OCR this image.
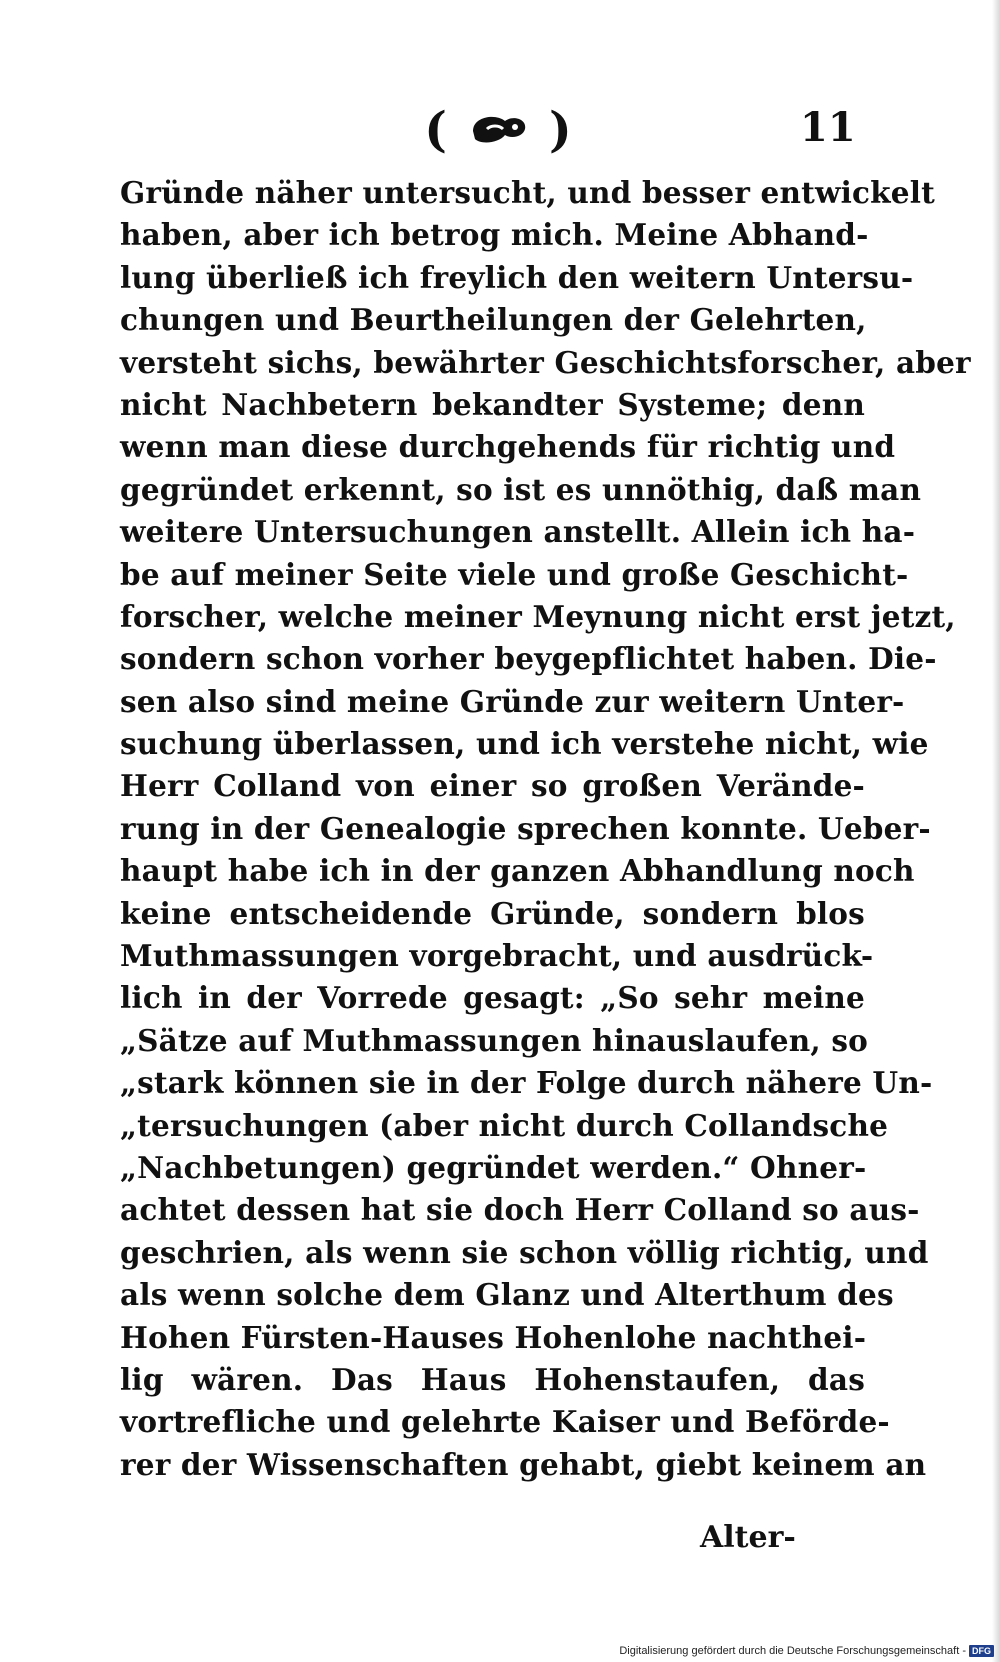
( )	11
Gründe näher untersucht, und besser entwickelt
haben, aber ich betrog mich. Meine Abhand-
lung überließ ich freylich den weitern Untersu-
chungen und Beurtheilungen der Gelehrten,
versteht sichs, bewährter Geschichtsforscher, aber
nicht Nachbetern bekandter Systeme; denn
wenn man diese durchgehends für richtig und
gegründet erkennt, so ist es unnöthig, daß man
weitere Untersuchungen anstellt. Allein ich ha-
be auf meiner Seite viele und große Geschicht-
forscher, welche meiner Meynung nicht erst jetzt,
sondern schon vorher beygepflichtet haben. Die-
sen also sind meine Gründe zur weitern Unter-
suchung überlassen, und ich verstehe nicht, wie
Herr Colland von einer so großen Verände-
rung in der Genealogie sprechen konnte. Ueber-
haupt habe ich in der ganzen Abhandlung noch
keine entscheidende Gründe, sondern blos
Muthmassungen vorgebracht, und ausdrück-
lich in der Vorrede gesagt: „So sehr meine
„Sätze auf Muthmassungen hinauslaufen, so
„stark können sie in der Folge durch nähere Un-
„tersuchungen (aber nicht durch Collandsche
„Nachbetungen) gegründet werden.“ Ohner-
achtet dessen hat sie doch Herr Colland so aus-
geschrien, als wenn sie schon völlig richtig, und
als wenn solche dem Glanz und Alterthum des
Hohen Fürsten-Hauses Hohenlohe nachthei-
lig wären. Das Haus Hohenstaufen, das
vortrefliche und gelehrte Kaiser und Beförde-
rer der Wissenschaften gehabt, giebt keinem an
Alter-
Digitalisierung gefördert durch die Deutsche Forschungsgemeinschaft - DFG
